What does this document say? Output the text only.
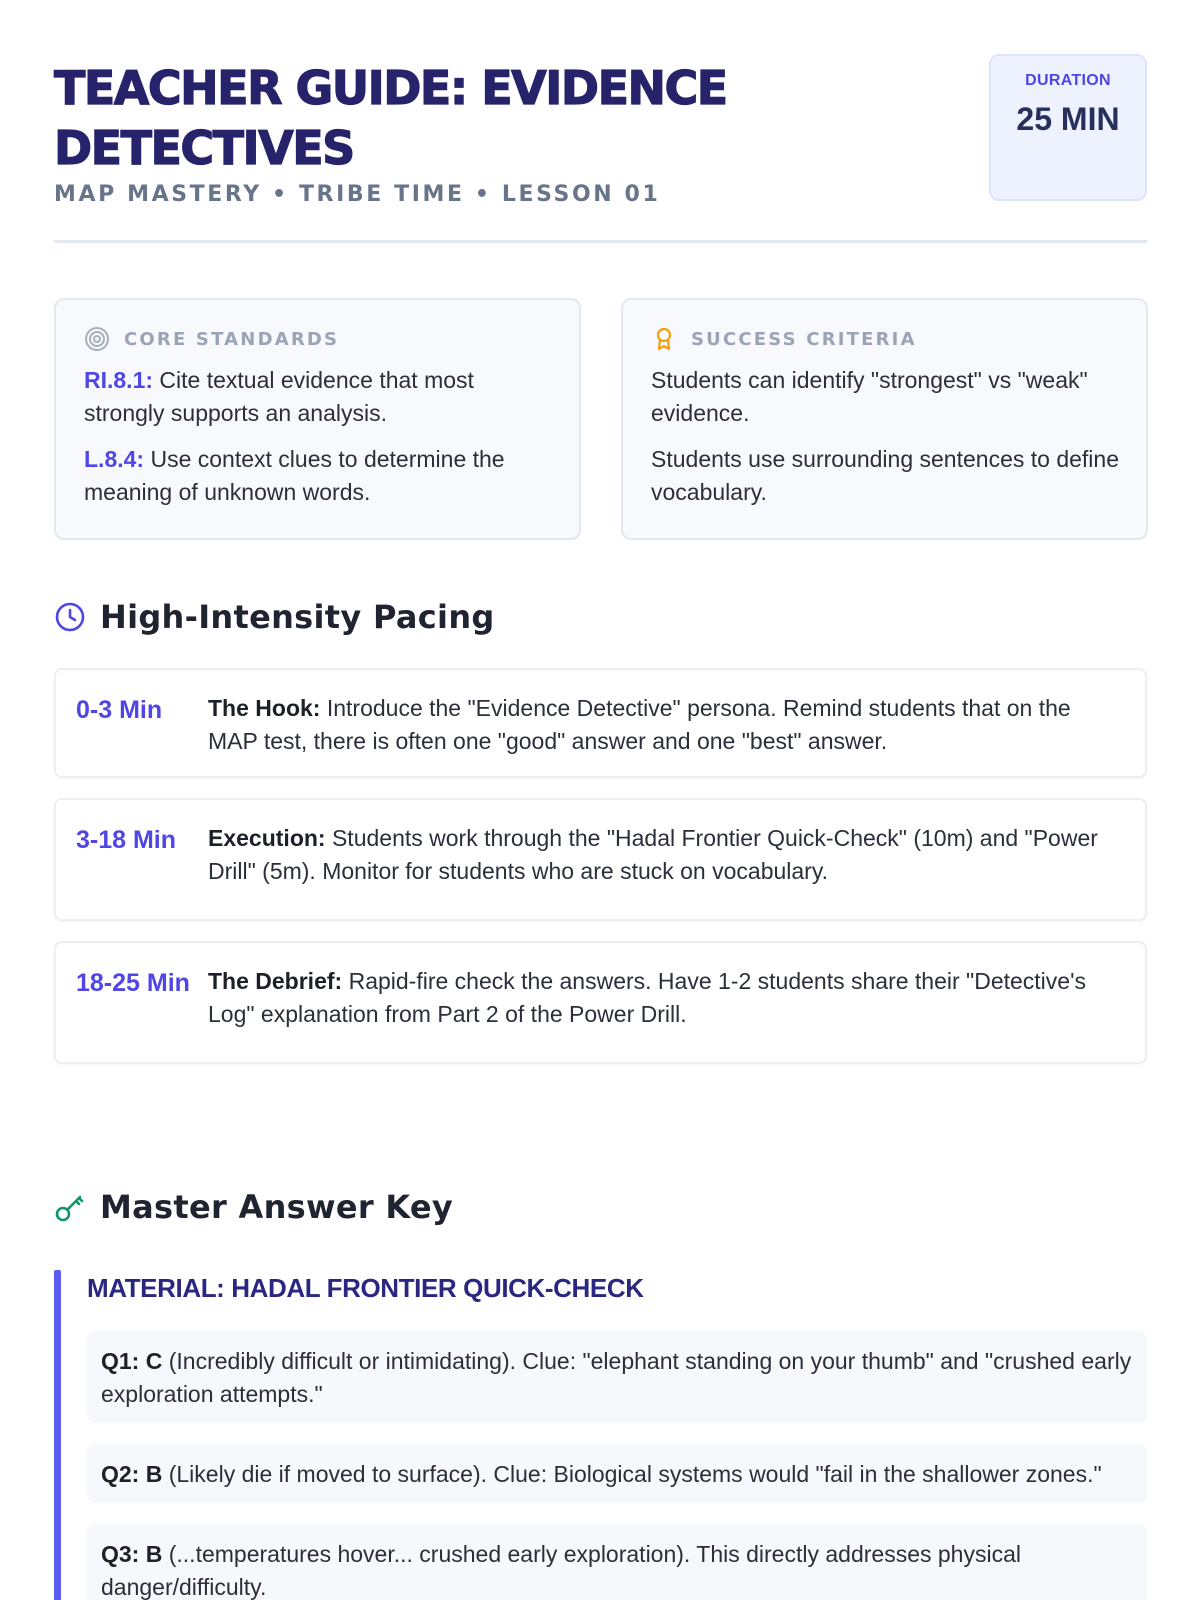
TEACHER GUIDE: EVIDENCE DETECTIVES
MAP MASTERY • TRIBE TIME • LESSON 01
DURATION
25 MIN
CORE STANDARDS

RI.8.1: Cite textual evidence that most strongly supports an analysis.

L.8.4: Use context clues to determine the meaning of unknown words.

SUCCESS CRITERIA

Students can identify "strongest" vs "weak" evidence.

Students use surrounding sentences to define vocabulary.

High-Intensity Pacing
0-3 Min	The Hook: Introduce the "Evidence Detective" persona. Remind students that on the MAP test, there is often one "good" answer and one "best" answer.
3-18 Min	Execution: Students work through the "Hadal Frontier Quick-Check" (10m) and "Power Drill" (5m). Monitor for students who are stuck on vocabulary.
18-25 Min The Debrief: Rapid-fire check the answers. Have 1-2 students share their "Detective's Log" explanation from Part 2 of the Power Drill.
Master Answer Key
MATERIAL: HADAL FRONTIER QUICK-CHECK
Q1: C (Incredibly difficult or intimidating). Clue: "elephant standing on your thumb" and "crushed early exploration attempts."
Q2: B (Likely die if moved to surface). Clue: Biological systems would "fail in the shallower zones."
Q3: B (...temperatures hover... crushed early exploration). This directly addresses physical danger/difficulty.
